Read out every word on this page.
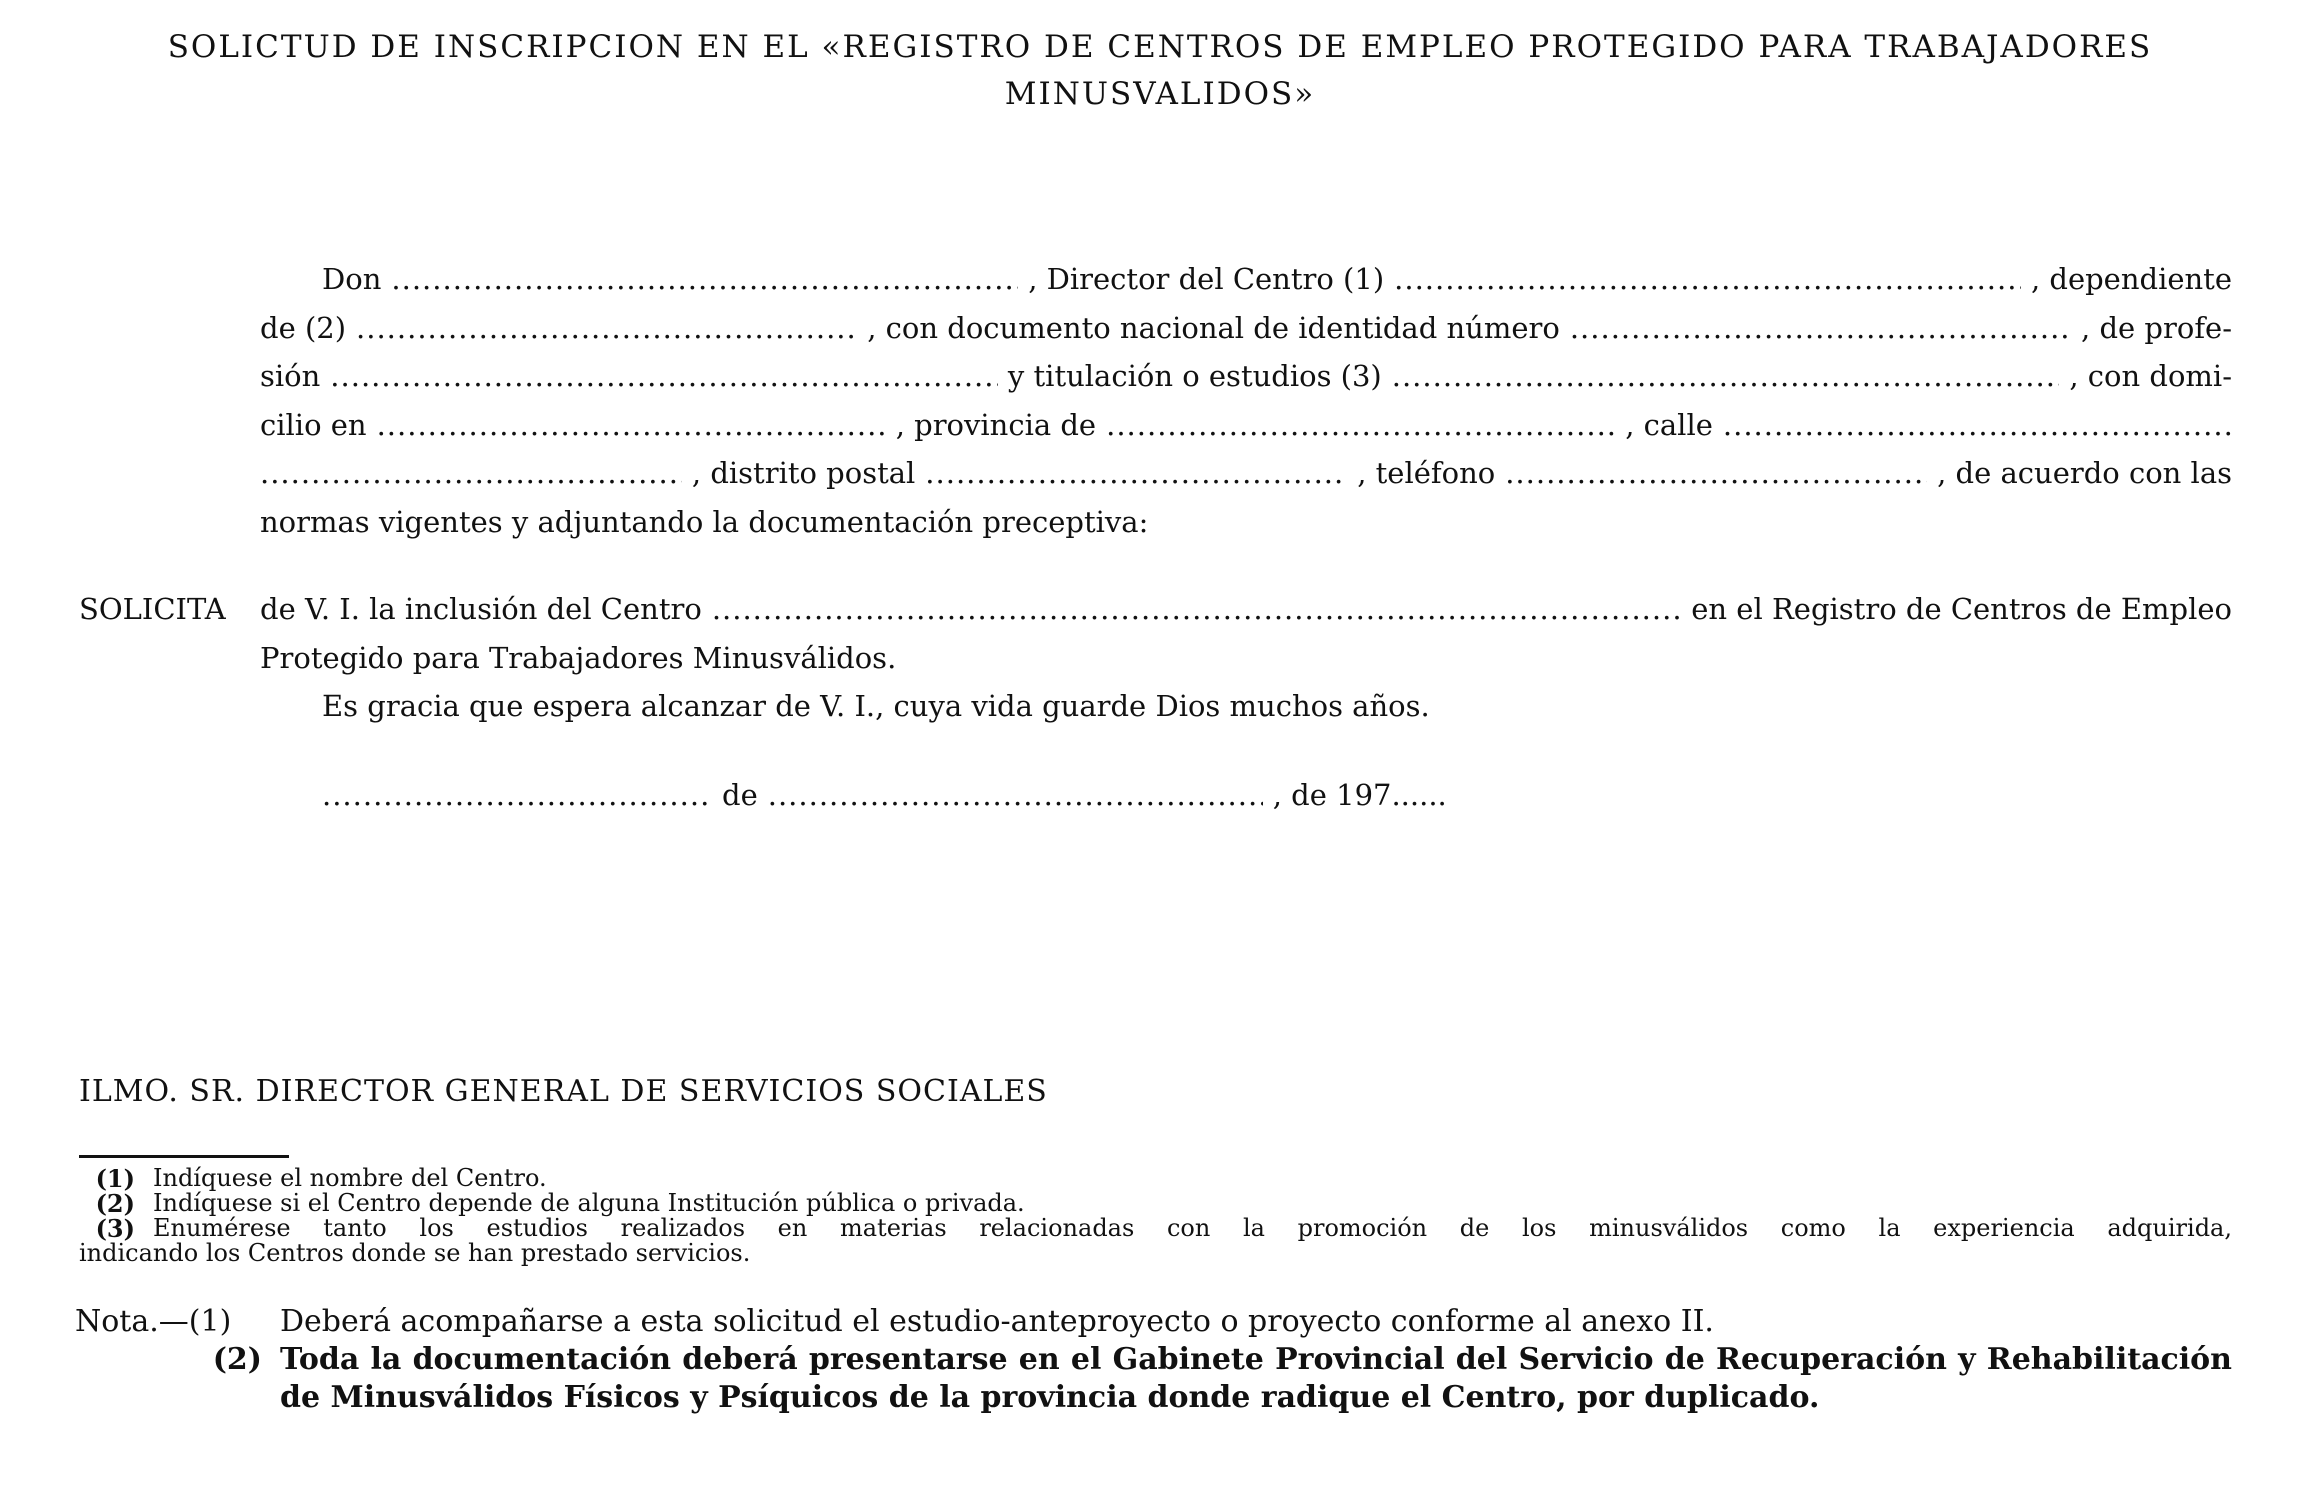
SOLICTUD DE INSCRIPCION EN EL «REGISTRO DE CENTROS DE EMPLEO PROTEGIDO PARA TRABAJADORES
MINUSVALIDOS»
Don .....	, Director del Centro (1) .....	, dependiente
de (2) .....	, con documento nacional de identidad número .....	, de profe-
sión .....	y titulación o estudios (3) .....	, con domi-
cilio en .....	, provincia de .....	, calle
.....
.....
, distrito postal .....	, teléfono .....	, de acuerdo con las
normas vigentes y adjuntando la documentación preceptiva:
SOLICITA de V. I. la inclusión del Centro .....	en el Registro de Centros de Empleo
Protegido para Trabajadores Minusválidos.
Es gracia que espera alcanzar de V. I., cuya vida guarde Dios muchos años.
.....
de .....	, de 197......
ILMO. SR. DIRECTOR GENERAL DE SERVICIOS SOCIALES
(1) Indíquese el nombre del Centro.
(2) Indíquese si el Centro depende de alguna Institución pública o privada.
(3) Enumérese tanto los estudios realizados en materias relacionadas con la promoción de los minusválidos como la experiencia adquirida,
indicando los Centros donde se han prestado servicios.
Nota.—(1)	Deberá acompañarse a esta solicitud el estudio-anteproyecto o proyecto conforme al anexo II.
(2) Toda la documentación deberá presentarse en el Gabinete Provincial del Servicio de Recuperación y Rehabilitación
de Minusválidos Físicos y Psíquicos de la provincia donde radique el Centro, por duplicado.
